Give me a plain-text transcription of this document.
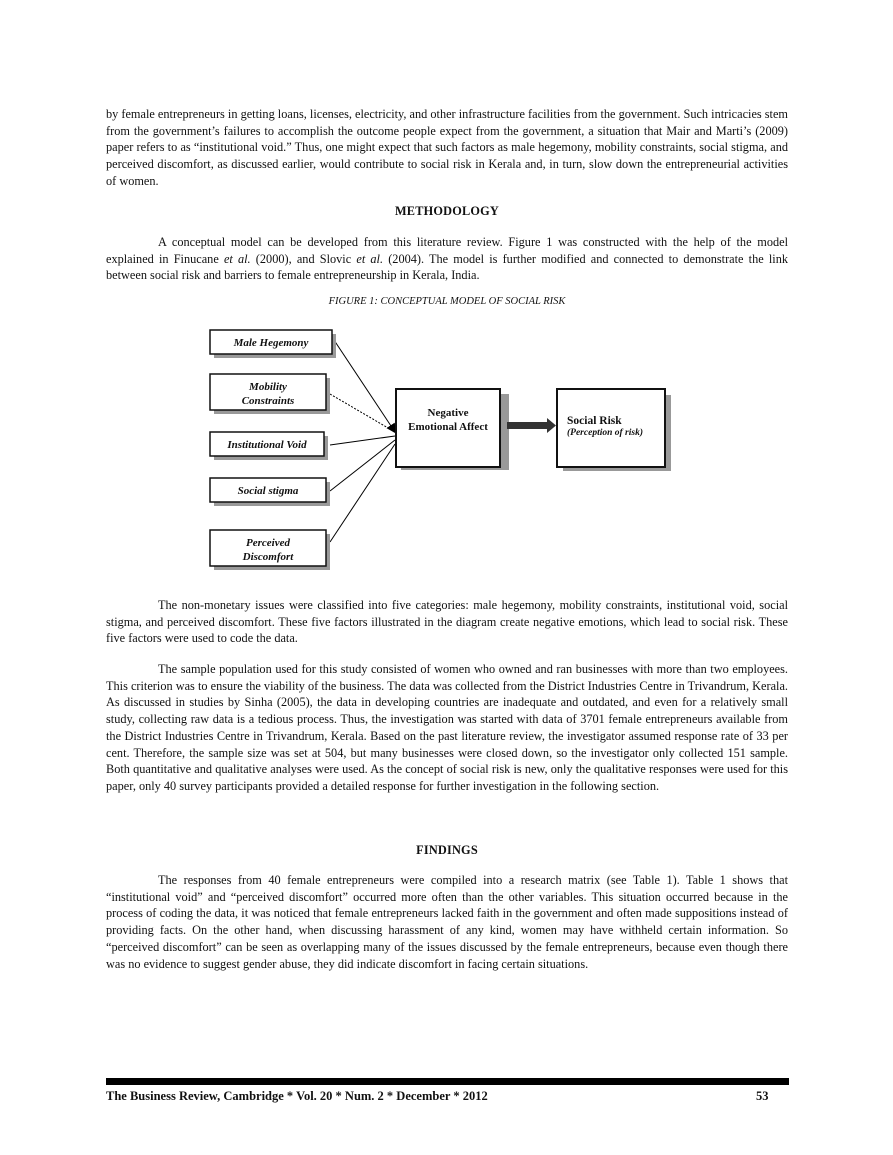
by female entrepreneurs in getting loans, licenses, electricity, and other infrastructure facilities from the government. Such intricacies stem from the government’s failures to accomplish the outcome people expect from the government, a situation that Mair and Marti’s (2009) paper refers to as “institutional void.” Thus, one might expect that such factors as male hegemony, mobility constraints, social stigma, and perceived discomfort, as discussed earlier, would contribute to social risk in Kerala and, in turn, slow down the entrepreneurial activities of women.

METHODOLOGY

A conceptual model can be developed from this literature review. Figure 1 was constructed with the help of the model explained in Finucane et al. (2000), and Slovic et al. (2004). The model is further modified and connected to demonstrate the link between social risk and barriers to female entrepreneurship in Kerala, India.

FIGURE 1: CONCEPTUAL MODEL OF SOCIAL RISK

Male Hegemony
Mobility
Constraints
Institutional Void
Social stigma
Perceived
Discomfort
Negative
Emotional Affect	Social Risk
(Perception of risk)

The non-monetary issues were classified into five categories: male hegemony, mobility constraints, institutional void, social stigma, and perceived discomfort. These five factors illustrated in the diagram create negative emotions, which lead to social risk. These five factors were used to code the data.

The sample population used for this study consisted of women who owned and ran businesses with more than two employees. This criterion was to ensure the viability of the business. The data was collected from the District Industries Centre in Trivandrum, Kerala. As discussed in studies by Sinha (2005), the data in developing countries are inadequate and outdated, and even for a relatively small study, collecting raw data is a tedious process. Thus, the investigation was started with data of 3701 female entrepreneurs available from the District Industries Centre in Trivandrum, Kerala. Based on the past literature review, the investigator assumed response rate of 33 per cent. Therefore, the sample size was set at 504, but many businesses were closed down, so the investigator only collected 151 sample. Both quantitative and qualitative analyses were used. As the concept of social risk is new, only the qualitative responses were used for this paper, only 40 survey participants provided a detailed response for further investigation in the following section.

FINDINGS

The responses from 40 female entrepreneurs were compiled into a research matrix (see Table 1). Table 1 shows that “institutional void” and “perceived discomfort” occurred more often than the other variables. This situation occurred because in the process of coding the data, it was noticed that female entrepreneurs lacked faith in the government and often made suppositions instead of providing facts. On the other hand, when discussing harassment of any kind, women may have withheld certain information. So “perceived discomfort” can be seen as overlapping many of the issues discussed by the female entrepreneurs, because even though there was no evidence to suggest gender abuse, they did indicate discomfort in facing certain situations.

The Business Review, Cambridge * Vol. 20 * Num. 2 * December * 2012	53
